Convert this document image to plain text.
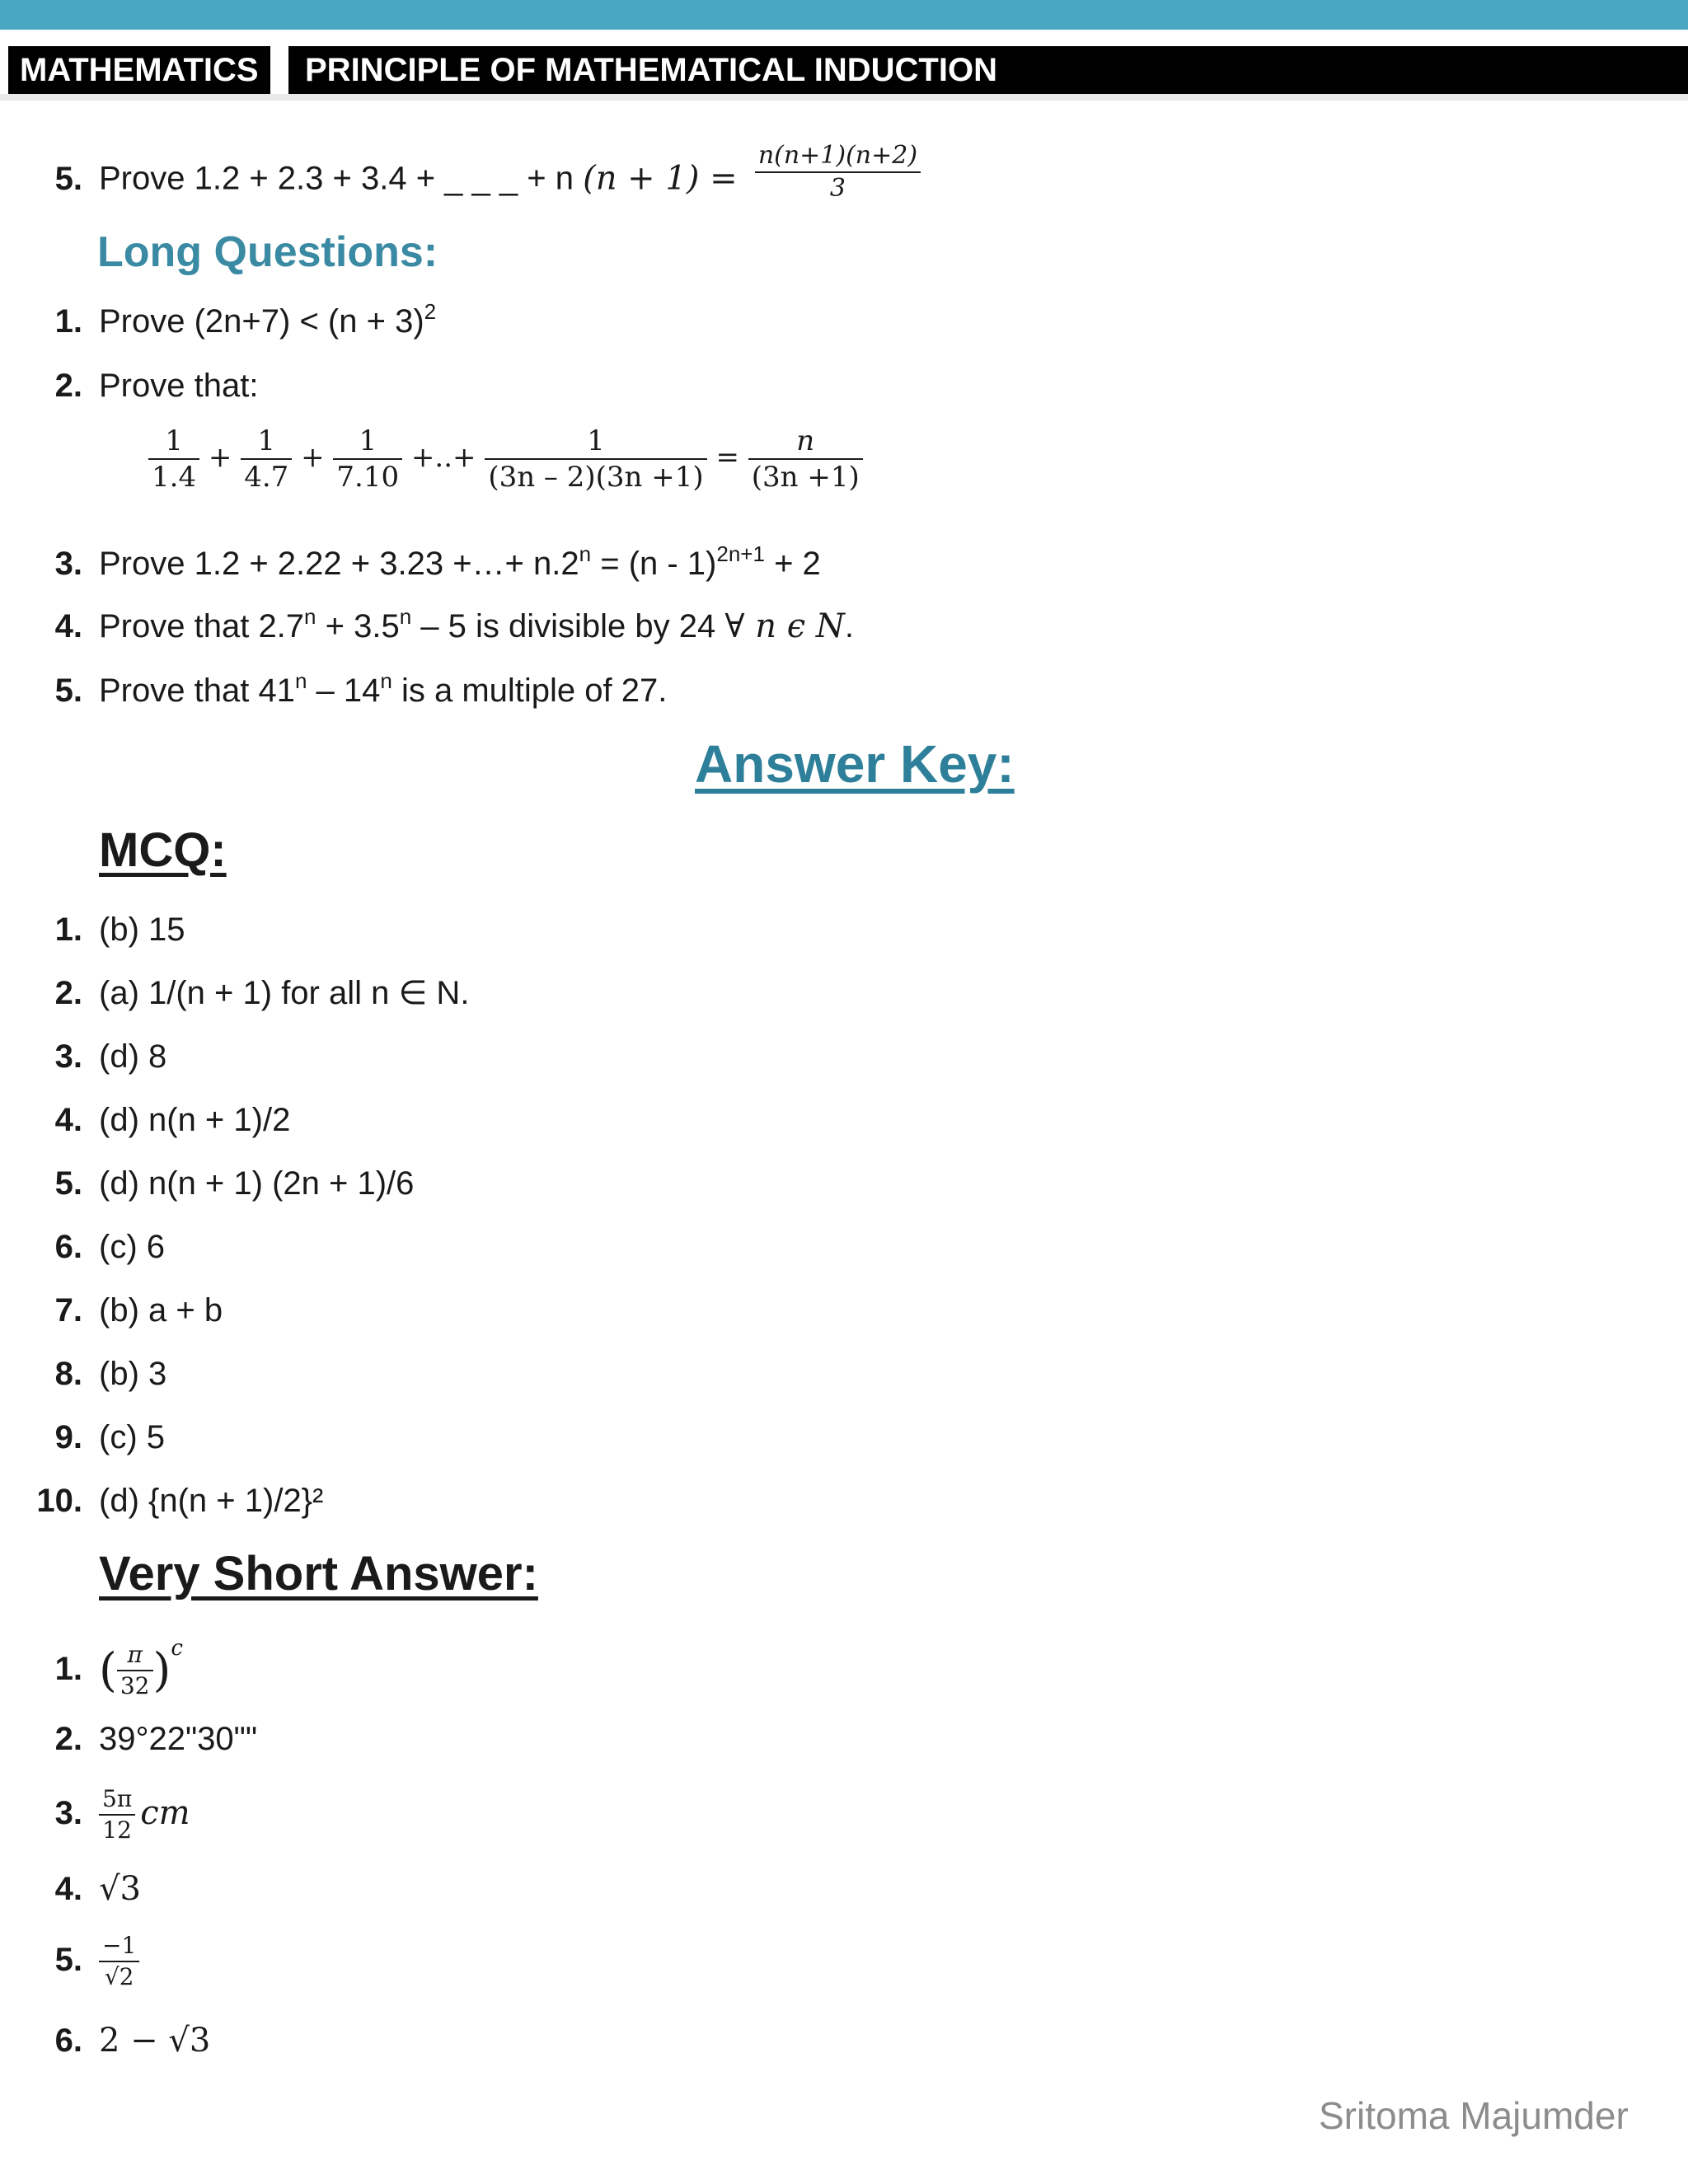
MATHEMATICS	PRINCIPLE OF MATHEMATICAL INDUCTION
5. Prove 1.2 + 2.3 + 3.4 + _ _ _ + n $(n + 1) = \frac{n(n+1)(n+2)}{3}$
Long Questions:
1. Prove $(2n+7) < (n + 3)^2$
2. Prove that:
$\frac{1}{1.4} + \frac{1}{4.7} + \frac{1}{7.10}$ +..+ $\frac{1}{(3n - 2)(3n +1)} = \frac{n}{(3n +1)}$
3. Prove 1.2 + 2.22 + 3.23 +…+ $n.2^n = (n - 1)^{2n+1} + 2$
4. Prove that $2.7^n + 3.5^n - 5$ is divisible by 24 ∀ n ϵ N.
5. Prove that 41$^n$ – 14$^n$ is a multiple of 27.
Answer Key:
MCQ:
1. (b) 15
2. (a) 1/(n + 1) for all n ∈ N.
3. (d) 8
4. (d) n(n + 1)/2
5. (d) n(n + 1) (2n + 1)/6
6. (c) 6
7. (b) a + b
8. (b) 3
9. (c) 5
10. (d) {n(n + 1)/2}²
Very Short Answer:
1. ( $\frac{\pi}{32} )^c$
2. 39°22"30""
3. $\frac{5\pi}{12}$ cm
4. √3
5. $\frac{-1}{√2}$
6. 2 − √3
Sritoma Majumder
